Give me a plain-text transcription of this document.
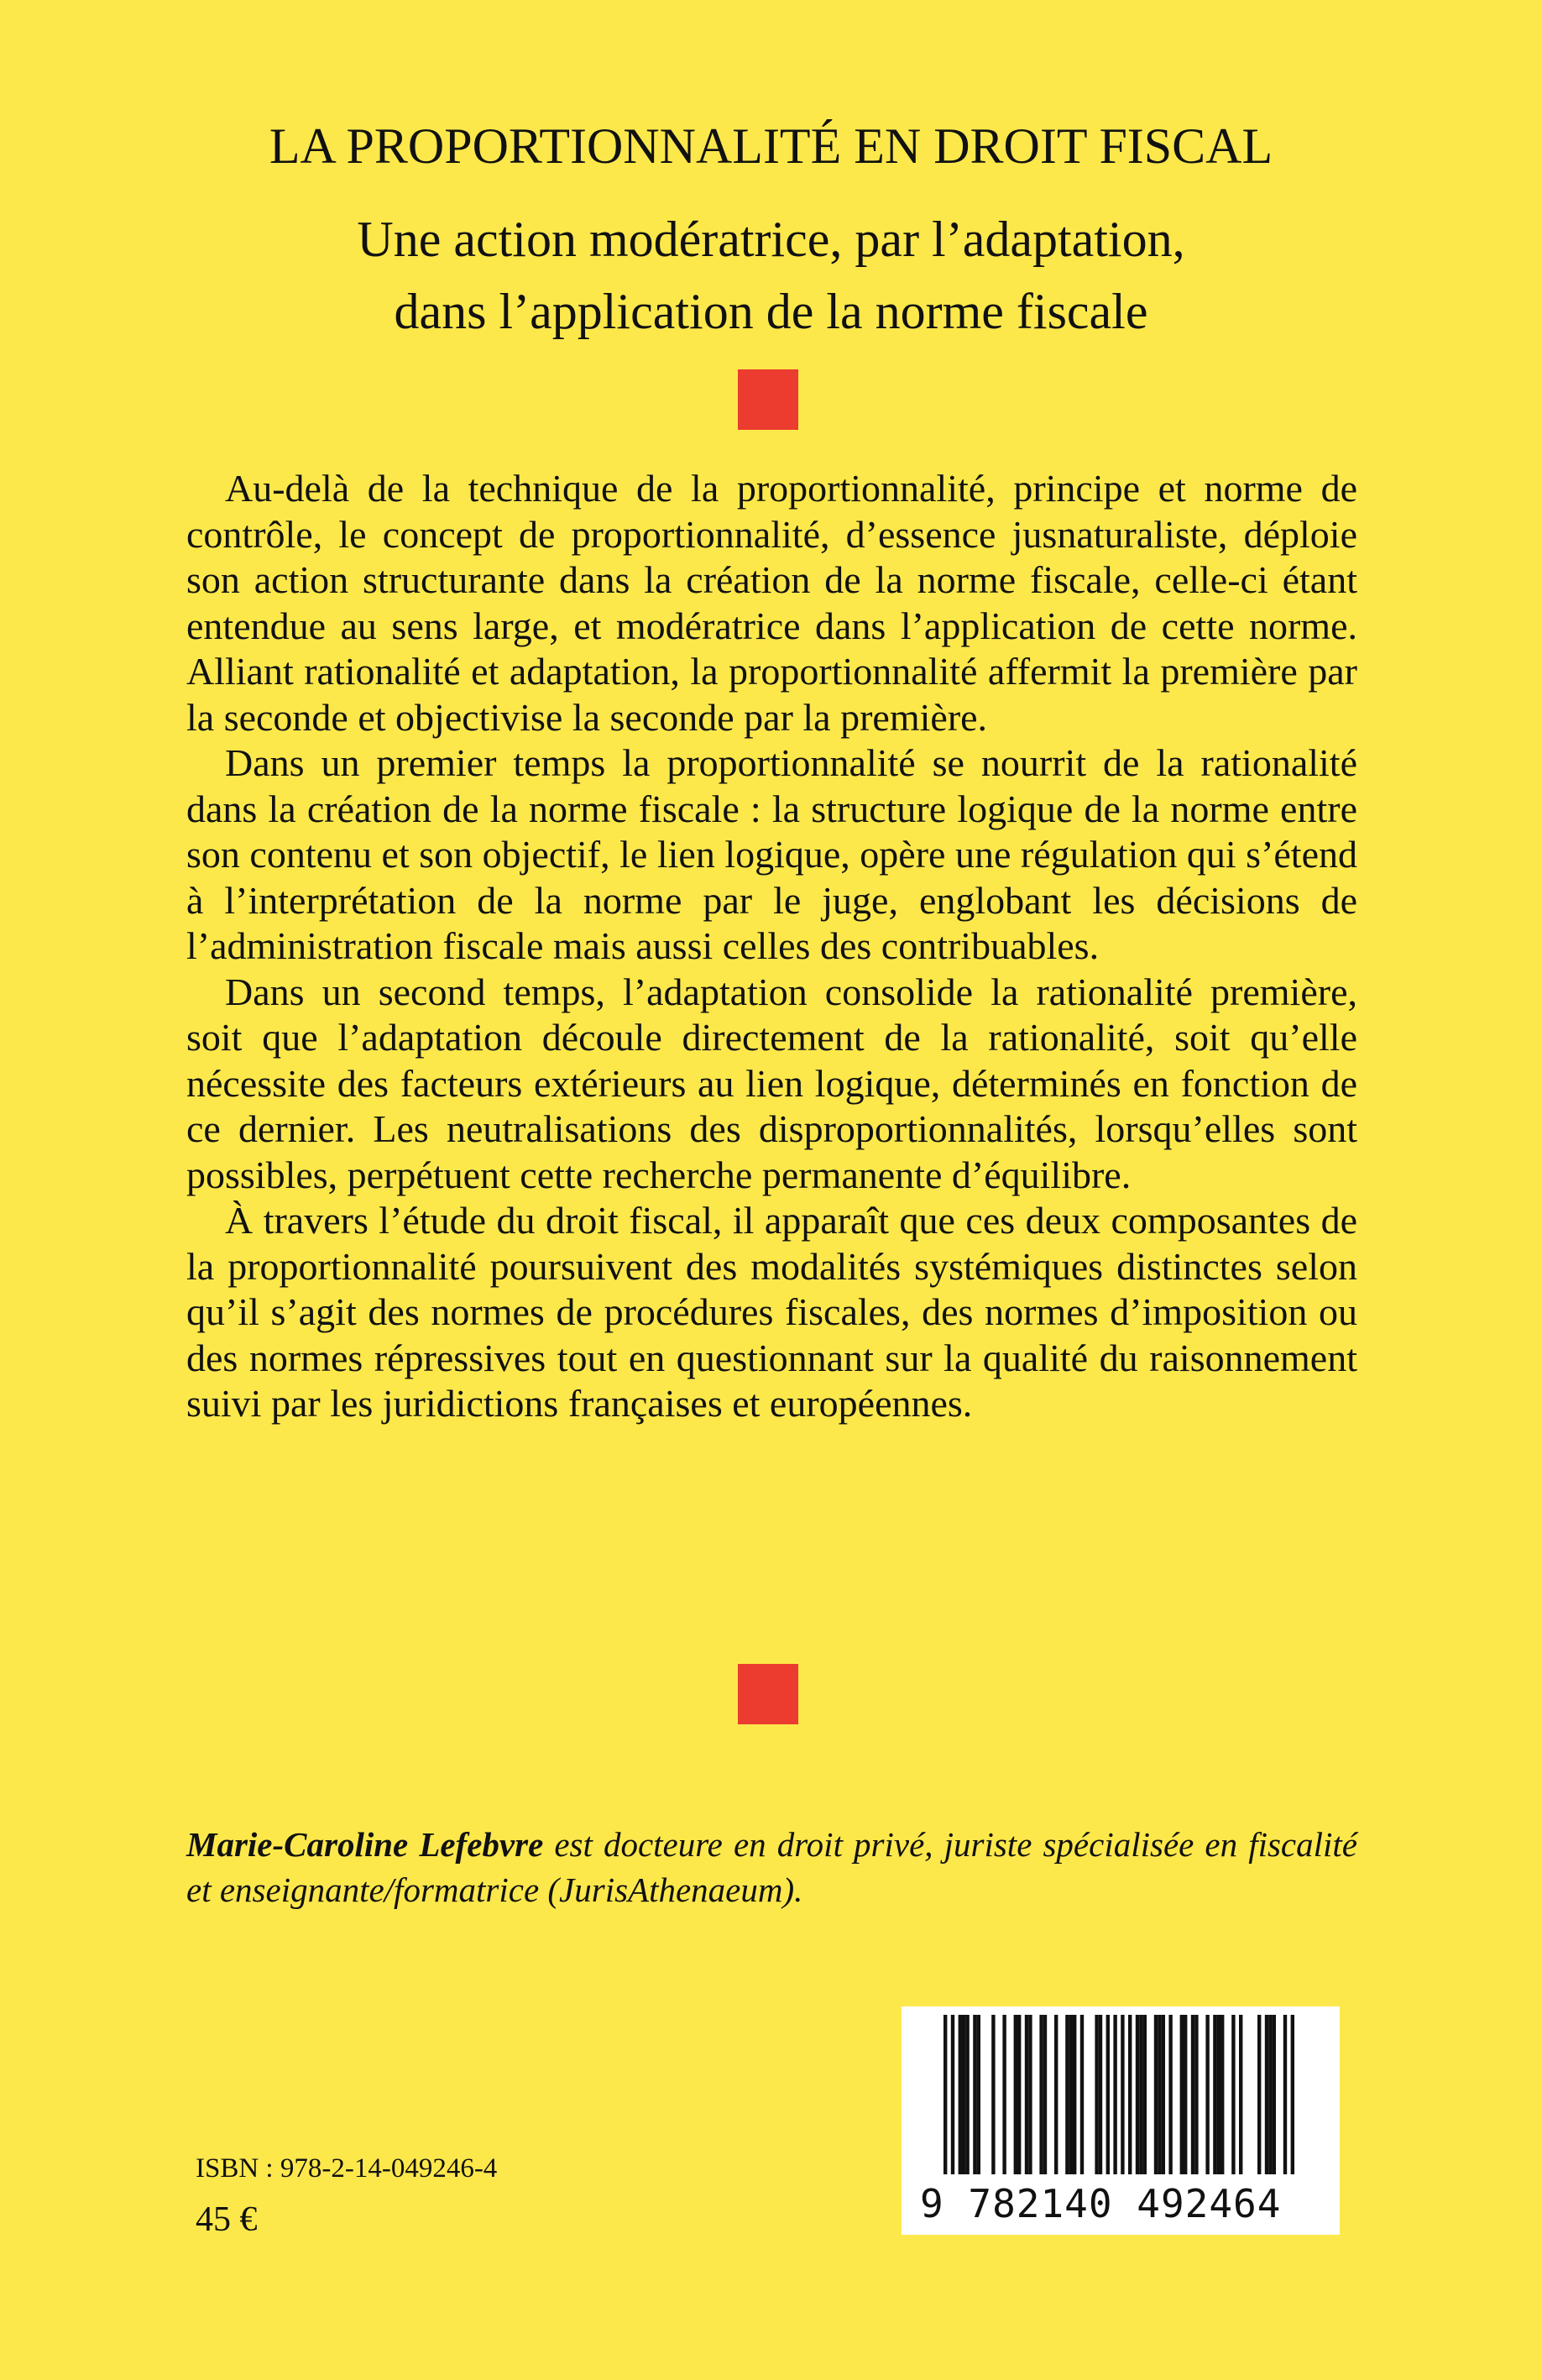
LA PROPORTIONNALITÉ EN DROIT FISCAL
Une action modératrice, par l’adaptation,
dans l’application de la norme fiscale

Au-delà de la technique de la proportionnalité, principe et norme de contrôle, le concept de proportionnalité, d’essence jusnaturaliste, déploie son action structurante dans la création de la norme fiscale, celle-ci étant entendue au sens large, et modératrice dans l’application de cette norme. Alliant rationalité et adaptation, la proportionnalité affermit la première par la seconde et objectivise la seconde par la première.

Dans un premier temps la proportionnalité se nourrit de la rationalité dans la création de la norme fiscale : la structure logique de la norme entre son contenu et son objectif, le lien logique, opère une régulation qui s’étend à l’interprétation de la norme par le juge, englobant les décisions de l’administration fiscale mais aussi celles des contribuables.

Dans un second temps, l’adaptation consolide la rationalité première, soit que l’adaptation découle directement de la rationalité, soit qu’elle nécessite des facteurs extérieurs au lien logique, déterminés en fonction de ce dernier. Les neutralisations des disproportionnalités, lorsqu’elles sont possibles, perpétuent cette recherche permanente d’équilibre.

À travers l’étude du droit fiscal, il apparaît que ces deux composantes de la proportionnalité poursuivent des modalités systémiques distinctes selon qu’il s’agit des normes de procédures fiscales, des normes d’imposition ou des normes répressives tout en questionnant sur la qualité du raisonnement suivi par les juridictions françaises et européennes.

Marie-Caroline Lefebvre est docteure en droit privé, juriste spécialisée en fiscalité et enseignante/formatrice (JurisAthenaeum).
ISBN : 978-2-14-049246-4
45 €	9 782140 492464
